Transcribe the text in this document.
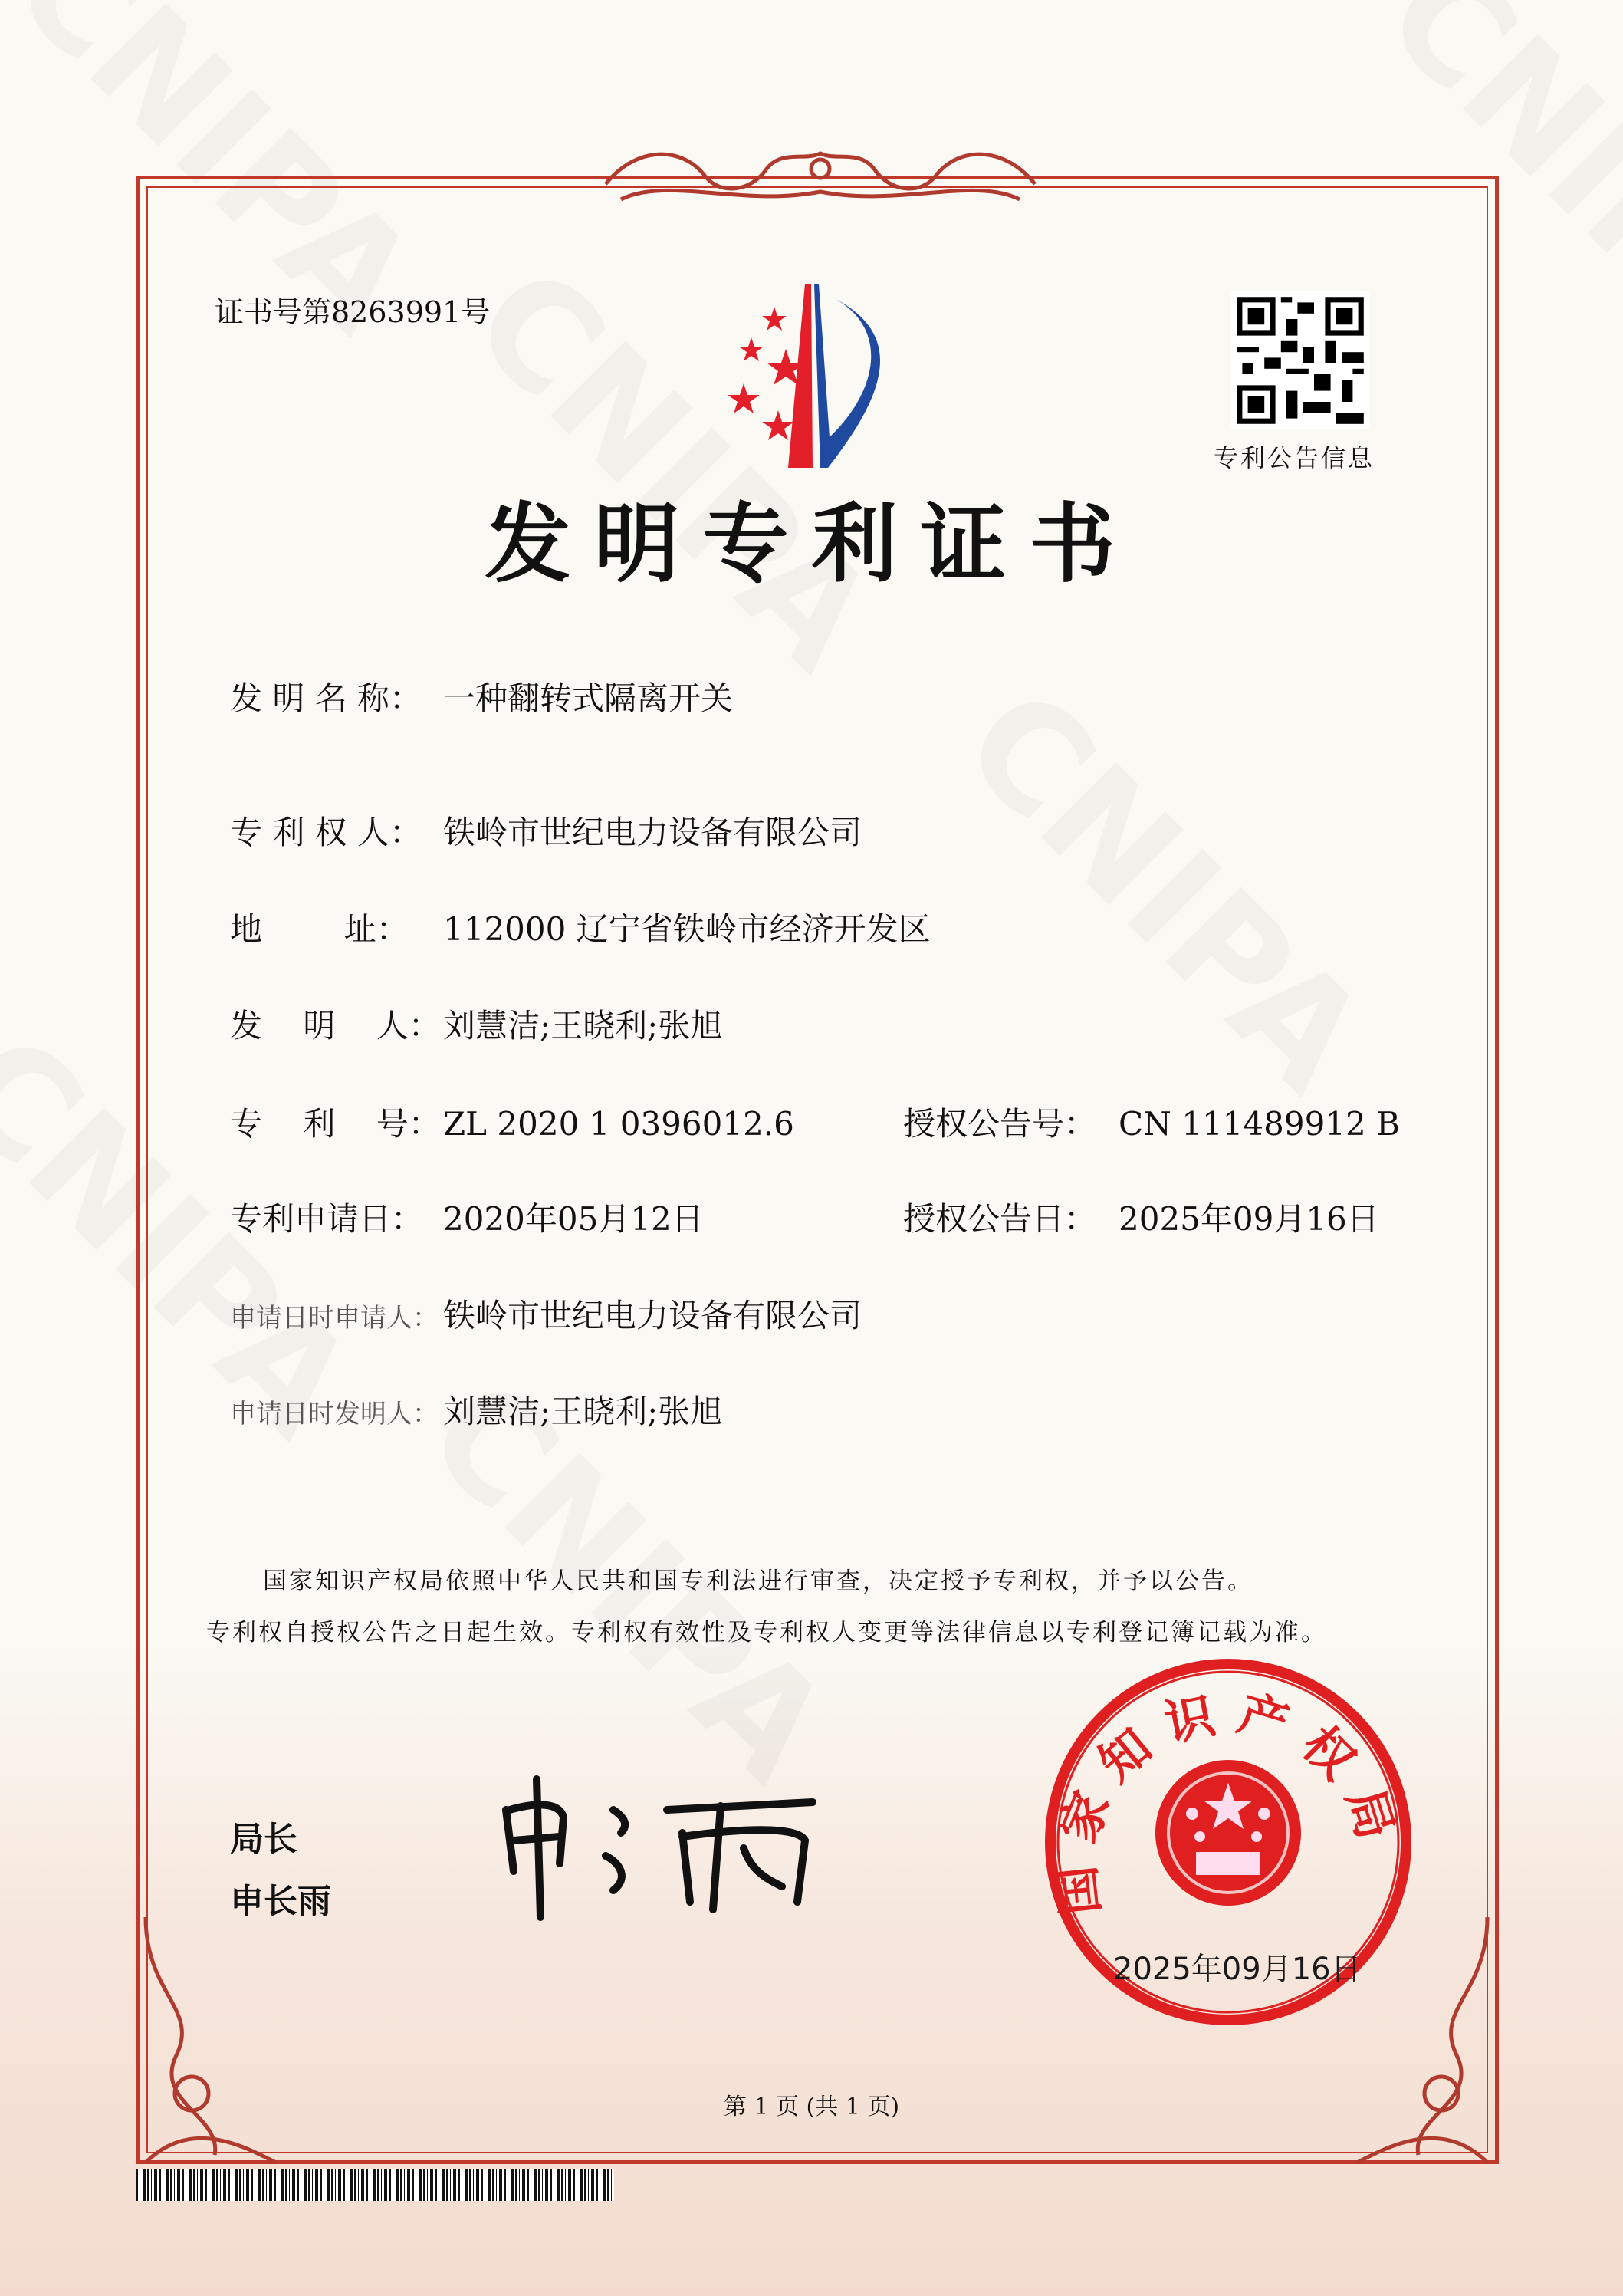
证书号第8263991号
专利公告信息
发明专利证书
发 明 名 称： 一种翻转式隔离开关
专 利 权 人： 铁岭市世纪电力设备有限公司
地        址： 112000 辽宁省铁岭市经济开发区
发    明    人：刘慧洁;王晓利;张旭
专    利    号：ZL 2020 1 0396012.6	授权公告号： CN 111489912 B
专利申请日： 2020年05月12日	授权公告日： 2025年09月16日
申请日时申请人： 铁岭市世纪电力设备有限公司
申请日时发明人： 刘慧洁;王晓利;张旭
国家知识产权局依照中华人民共和国专利法进行审查，决定授予专利权，并予以公告。
专利权自授权公告之日起生效。专利权有效性及专利权人变更等法律信息以专利登记簿记载为准。
局长
申长雨	国家知识产权局
2025年09月16日
第 1 页 (共 1 页)
